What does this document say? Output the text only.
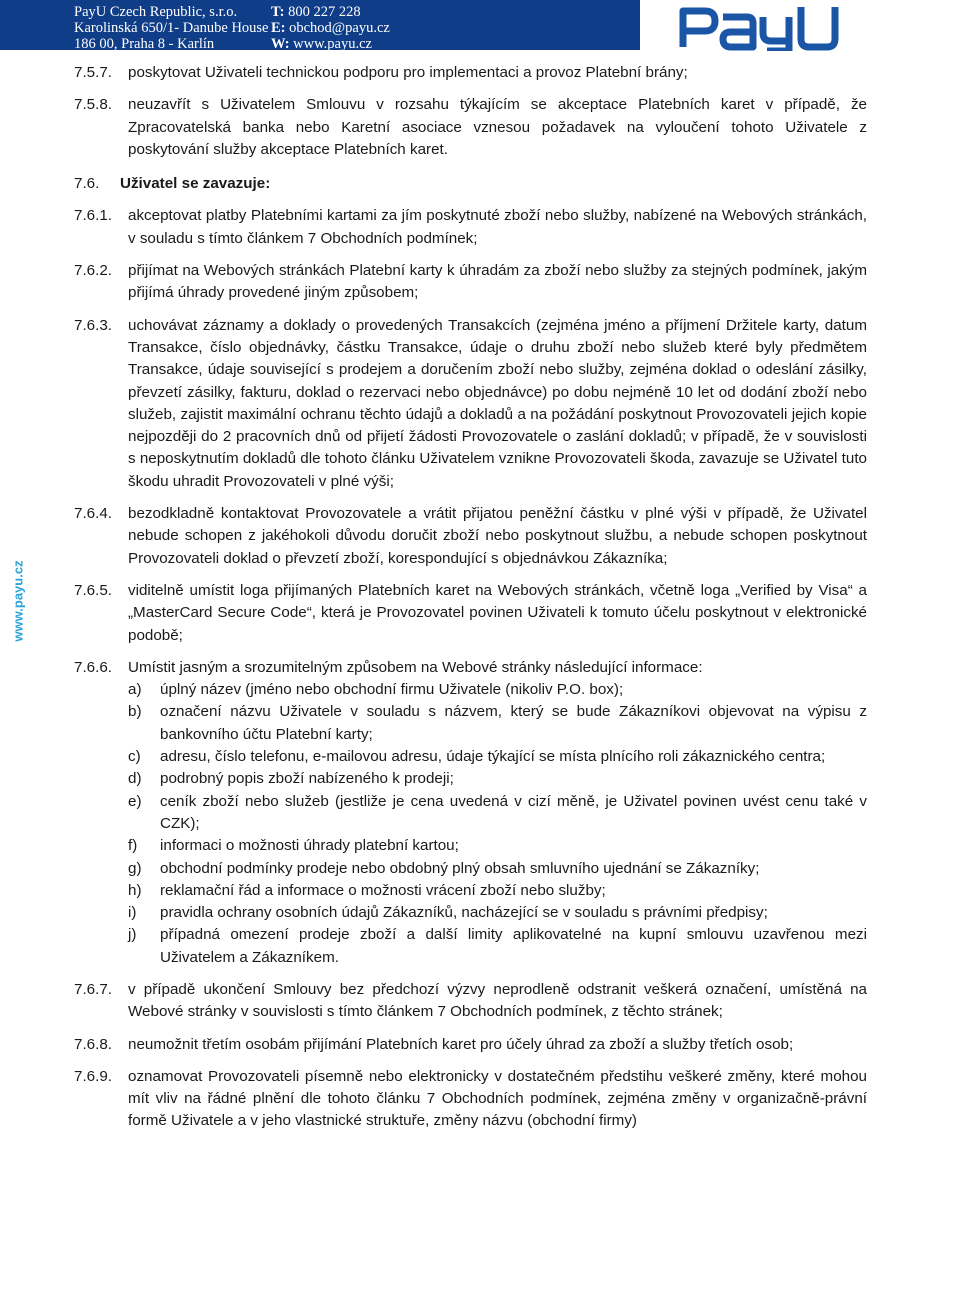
PayU Czech Republic, s.r.o.
Karolinská 650/1- Danube House
186 00, Praha 8 - Karlín
T: 800 227 228
E: obchod@payu.cz
W: www.payu.cz
www.payu.cz
7.5.7.	poskytovat Uživateli technickou podporu pro implementaci a provoz Platební brány;
7.5.8.	neuzavřít s Uživatelem Smlouvu v rozsahu týkajícím se akceptace Platebních karet v případě, že Zpracovatelská banka nebo Karetní asociace vznesou požadavek na vyloučení tohoto Uživatele z poskytování služby akceptace Platebních karet.
7.6.	Uživatel se zavazuje:
7.6.1.	akceptovat platby Platebními kartami za jím poskytnuté zboží nebo služby, nabízené na Webových stránkách, v souladu s tímto článkem 7 Obchodních podmínek;
7.6.2.	přijímat na Webových stránkách Platební karty k úhradám za zboží nebo služby za stejných podmínek, jakým přijímá úhrady provedené jiným způsobem;
7.6.3.	uchovávat záznamy a doklady o provedených Transakcích (zejména jméno a příjmení Držitele karty, datum Transakce, číslo objednávky, částku Transakce, údaje o druhu zboží nebo služeb které byly předmětem Transakce, údaje související s prodejem a doručením zboží nebo služby, zejména doklad o odeslání zásilky, převzetí zásilky, fakturu, doklad o rezervaci nebo objednávce) po dobu nejméně 10 let od dodání zboží nebo služeb, zajistit maximální ochranu těchto údajů a dokladů a na požádání poskytnout Provozovateli jejich kopie nejpozději do 2 pracovních dnů od přijetí žádosti Provozovatele o zaslání dokladů; v případě, že v souvislosti s neposkytnutím dokladů dle tohoto článku Uživatelem vznikne Provozovateli škoda, zavazuje se Uživatel tuto škodu uhradit Provozovateli v plné výši;
7.6.4.	bezodkladně kontaktovat Provozovatele a vrátit přijatou peněžní částku v plné výši v případě, že Uživatel nebude schopen z jakéhokoli důvodu doručit zboží nebo poskytnout službu, a nebude schopen poskytnout Provozovateli doklad o převzetí zboží, korespondující s objednávkou Zákazníka;
7.6.5.	viditelně umístit loga přijímaných Platebních karet na Webových stránkách, včetně loga „Verified by Visa“ a „MasterCard Secure Code“, která je Provozovatel povinen Uživateli k tomuto účelu poskytnout v elektronické podobě;
7.6.6.	Umístit jasným a srozumitelným způsobem na Webové stránky následující informace:
a)	úplný název (jméno nebo obchodní firmu Uživatele (nikoliv P.O. box);
b)	označení názvu Uživatele v souladu s názvem, který se bude Zákazníkovi objevovat na výpisu z bankovního účtu Platební karty;
c)	adresu, číslo telefonu, e-mailovou adresu, údaje týkající se místa plnícího roli zákaznického centra;
d)	podrobný popis zboží nabízeného k prodeji;
e)	ceník zboží nebo služeb (jestliže je cena uvedená v cizí měně, je Uživatel povinen uvést cenu také v CZK);
f)	informaci o možnosti úhrady platební kartou;
g)	obchodní podmínky prodeje nebo obdobný plný obsah smluvního ujednání se Zákazníky;
h)	reklamační řád a informace o možnosti vrácení zboží nebo služby;
i)	pravidla ochrany osobních údajů Zákazníků, nacházející se v souladu s právními předpisy;
j)	případná omezení prodeje zboží a další limity aplikovatelné na kupní smlouvu uzavřenou mezi Uživatelem a Zákazníkem.
7.6.7.	v případě ukončení Smlouvy bez předchozí výzvy neprodleně odstranit veškerá označení, umístěná na Webové stránky v souvislosti s tímto článkem 7 Obchodních podmínek, z těchto stránek;
7.6.8.	neumožnit třetím osobám přijímání Platebních karet pro účely úhrad za zboží a služby třetích osob;
7.6.9.	oznamovat Provozovateli písemně nebo elektronicky v dostatečném předstihu veškeré změny, které mohou mít vliv na řádné plnění dle tohoto článku 7 Obchodních podmínek, zejména změny v organizačně-právní formě Uživatele a v jeho vlastnické struktuře, změny názvu (obchodní firmy)
